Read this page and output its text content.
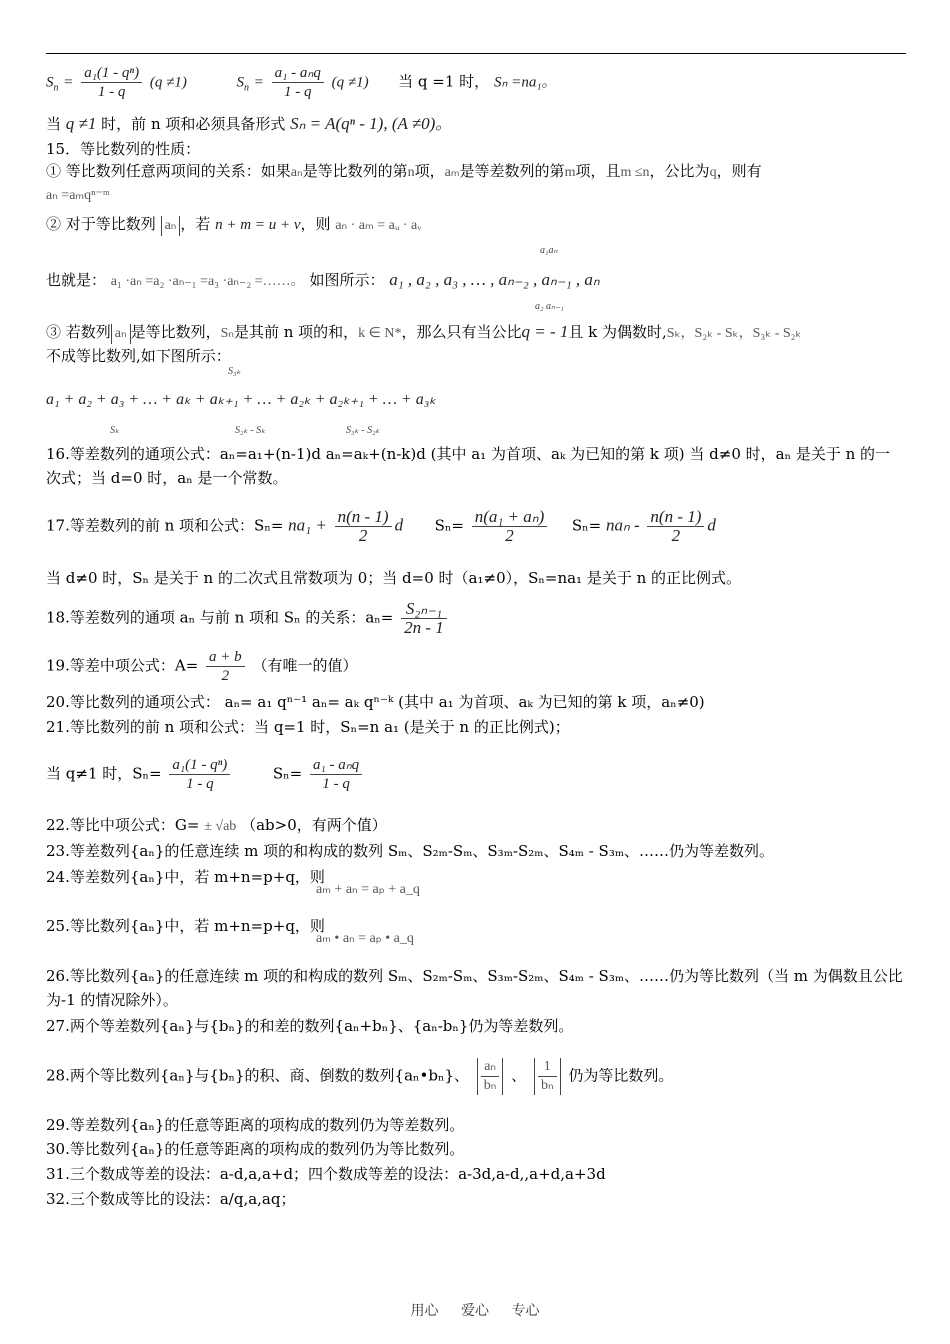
$S_n = \frac{\text{a₁(1 - qⁿ)}}{1 - q} (q \ne 1)$	$S_n = \frac{\text{a₁ - aₙq}}{1 - q} (q \ne 1)$ 当 q =1 时， Sₙ =na₁。
当 q ≠1 时，前 n 项和必须具备形式 Sₙ = A(qⁿ - 1), (A ≠0)。
15．等比数列的性质：
① 等比数列任意两项间的关系：如果aₙ是等比数列的第n项，aₘ是等差数列的第m项，且m ≤n，公比为q，则有
aₙ =aₘqⁿ⁻ᵐ
② 对于等比数列 aₙ ，若 n + m = u + v，则 aₙ · aₘ = aᵤ · aᵥ
￼ ￼ ￼ ￼ ￼ ￼ ￼ ￼ ￼ ￼
a₁aₙ
也就是： a₁ ·aₙ =a₂ ·aₙ₋₁ =a₃ ·aₙ₋₂ =……。 如图所示： a₁ , a₂ , a₃ , … , aₙ₋₂ , aₙ₋₁ , aₙ
a₂ aₙ₋₁
③ 若数列 aₙ 是等比数列，Sₙ是其前 n 项的和，k ∈ N*，那么只有当公比q = - 1且 k 为偶数时,Sₖ，S₂ₖ - Sₖ，S₃ₖ - S₂ₖ
不成等比数列,如下图所示：
S₃ₖ
a₁ + a₂ + a₃ + … + aₖ + aₖ₊₁ + … + a₂ₖ + a₂ₖ₊₁ + … + a₃ₖ
Sₖ	S₂ₖ - Sₖ	S₃ₖ - S₂ₖ
16.等差数列的通项公式：aₙ=a₁+(n-1)d aₙ=aₖ+(n-k)d (其中 a₁ 为首项、aₖ 为已知的第 k 项) 当 d≠0 时，aₙ 是关于 n 的一
次式；当 d=0 时，aₙ 是一个常数。
17.等差数列的前 n 项和公式：$S_n= na_1 + \frac{n(n - 1)}{2}$ d $S_n= \frac{\text{n(a₁ + aₙ)}}{2} S_n= na_n - \frac{n(n - 1)}{2}$ d
当 d≠0 时，Sₙ 是关于 n 的二次式且常数项为 0；当 d=0 时（a₁≠0），Sₙ=na₁ 是关于 n 的正比例式。
18.等差数列的通项 aₙ 与前 n 项和 Sₙ 的关系：$a_n= \frac{\text{S₂ₙ₋₁}}{2n - 1}$
19.等差中项公式：$A= \frac{a + b}{2}$ （有唯一的值）
20.等比数列的通项公式： aₙ= a₁ qⁿ⁻¹ aₙ= aₖ qⁿ⁻ᵏ (其中 a₁ 为首项、aₖ 为已知的第 k 项，aₙ≠0)
21.等比数列的前 n 项和公式：当 q=1 时，Sₙ=n a₁ (是关于 n 的正比例式)；
当 q≠1 时，$S_n= \frac{\text{a₁(1 - qⁿ)}}{1 - q}$	$S_n= \frac{\text{a₁ - aₙq}}{1 - q}$
22.等比中项公式：G= ± √ab （ab>0，有两个值）
23.等差数列{aₙ}的任意连续 m 项的和构成的数列 Sₘ、S₂ₘ-Sₘ、S₃ₘ-S₂ₘ、S₄ₘ - S₃ₘ、……仍为等差数列。
24.等差数列{aₙ}中，若 m+n=p+q，则
aₘ + aₙ = aₚ + a_q
25.等比数列{aₙ}中，若 m+n=p+q，则
aₘ • aₙ = aₚ • a_q
26.等比数列{aₙ}的任意连续 m 项的和构成的数列 Sₘ、S₂ₘ-Sₘ、S₃ₘ-S₂ₘ、S₄ₘ - S₃ₘ、……仍为等比数列（当 m 为偶数且公比
为-1 的情况除外）。
27.两个等差数列{aₙ}与{bₙ}的和差的数列{aₙ+bₙ}、{aₙ-bₙ}仍为等差数列。
28.两个等比数列{aₙ}与{bₙ}的积、商、倒数的数列{aₙ•bₙ}、 $\frac{\text{aₙ}}{\text{bₙ}}$ 、 $\frac{1}{\text{bₙ}}$ 仍为等比数列。
29.等差数列{aₙ}的任意等距离的项构成的数列仍为等差数列。
30.等比数列{aₙ}的任意等距离的项构成的数列仍为等比数列。
31.三个数成等差的设法：a-d,a,a+d；四个数成等差的设法：a-3d,a-d,,a+d,a+3d
32.三个数成等比的设法：a/q,a,aq；
用心 爱心 专心
